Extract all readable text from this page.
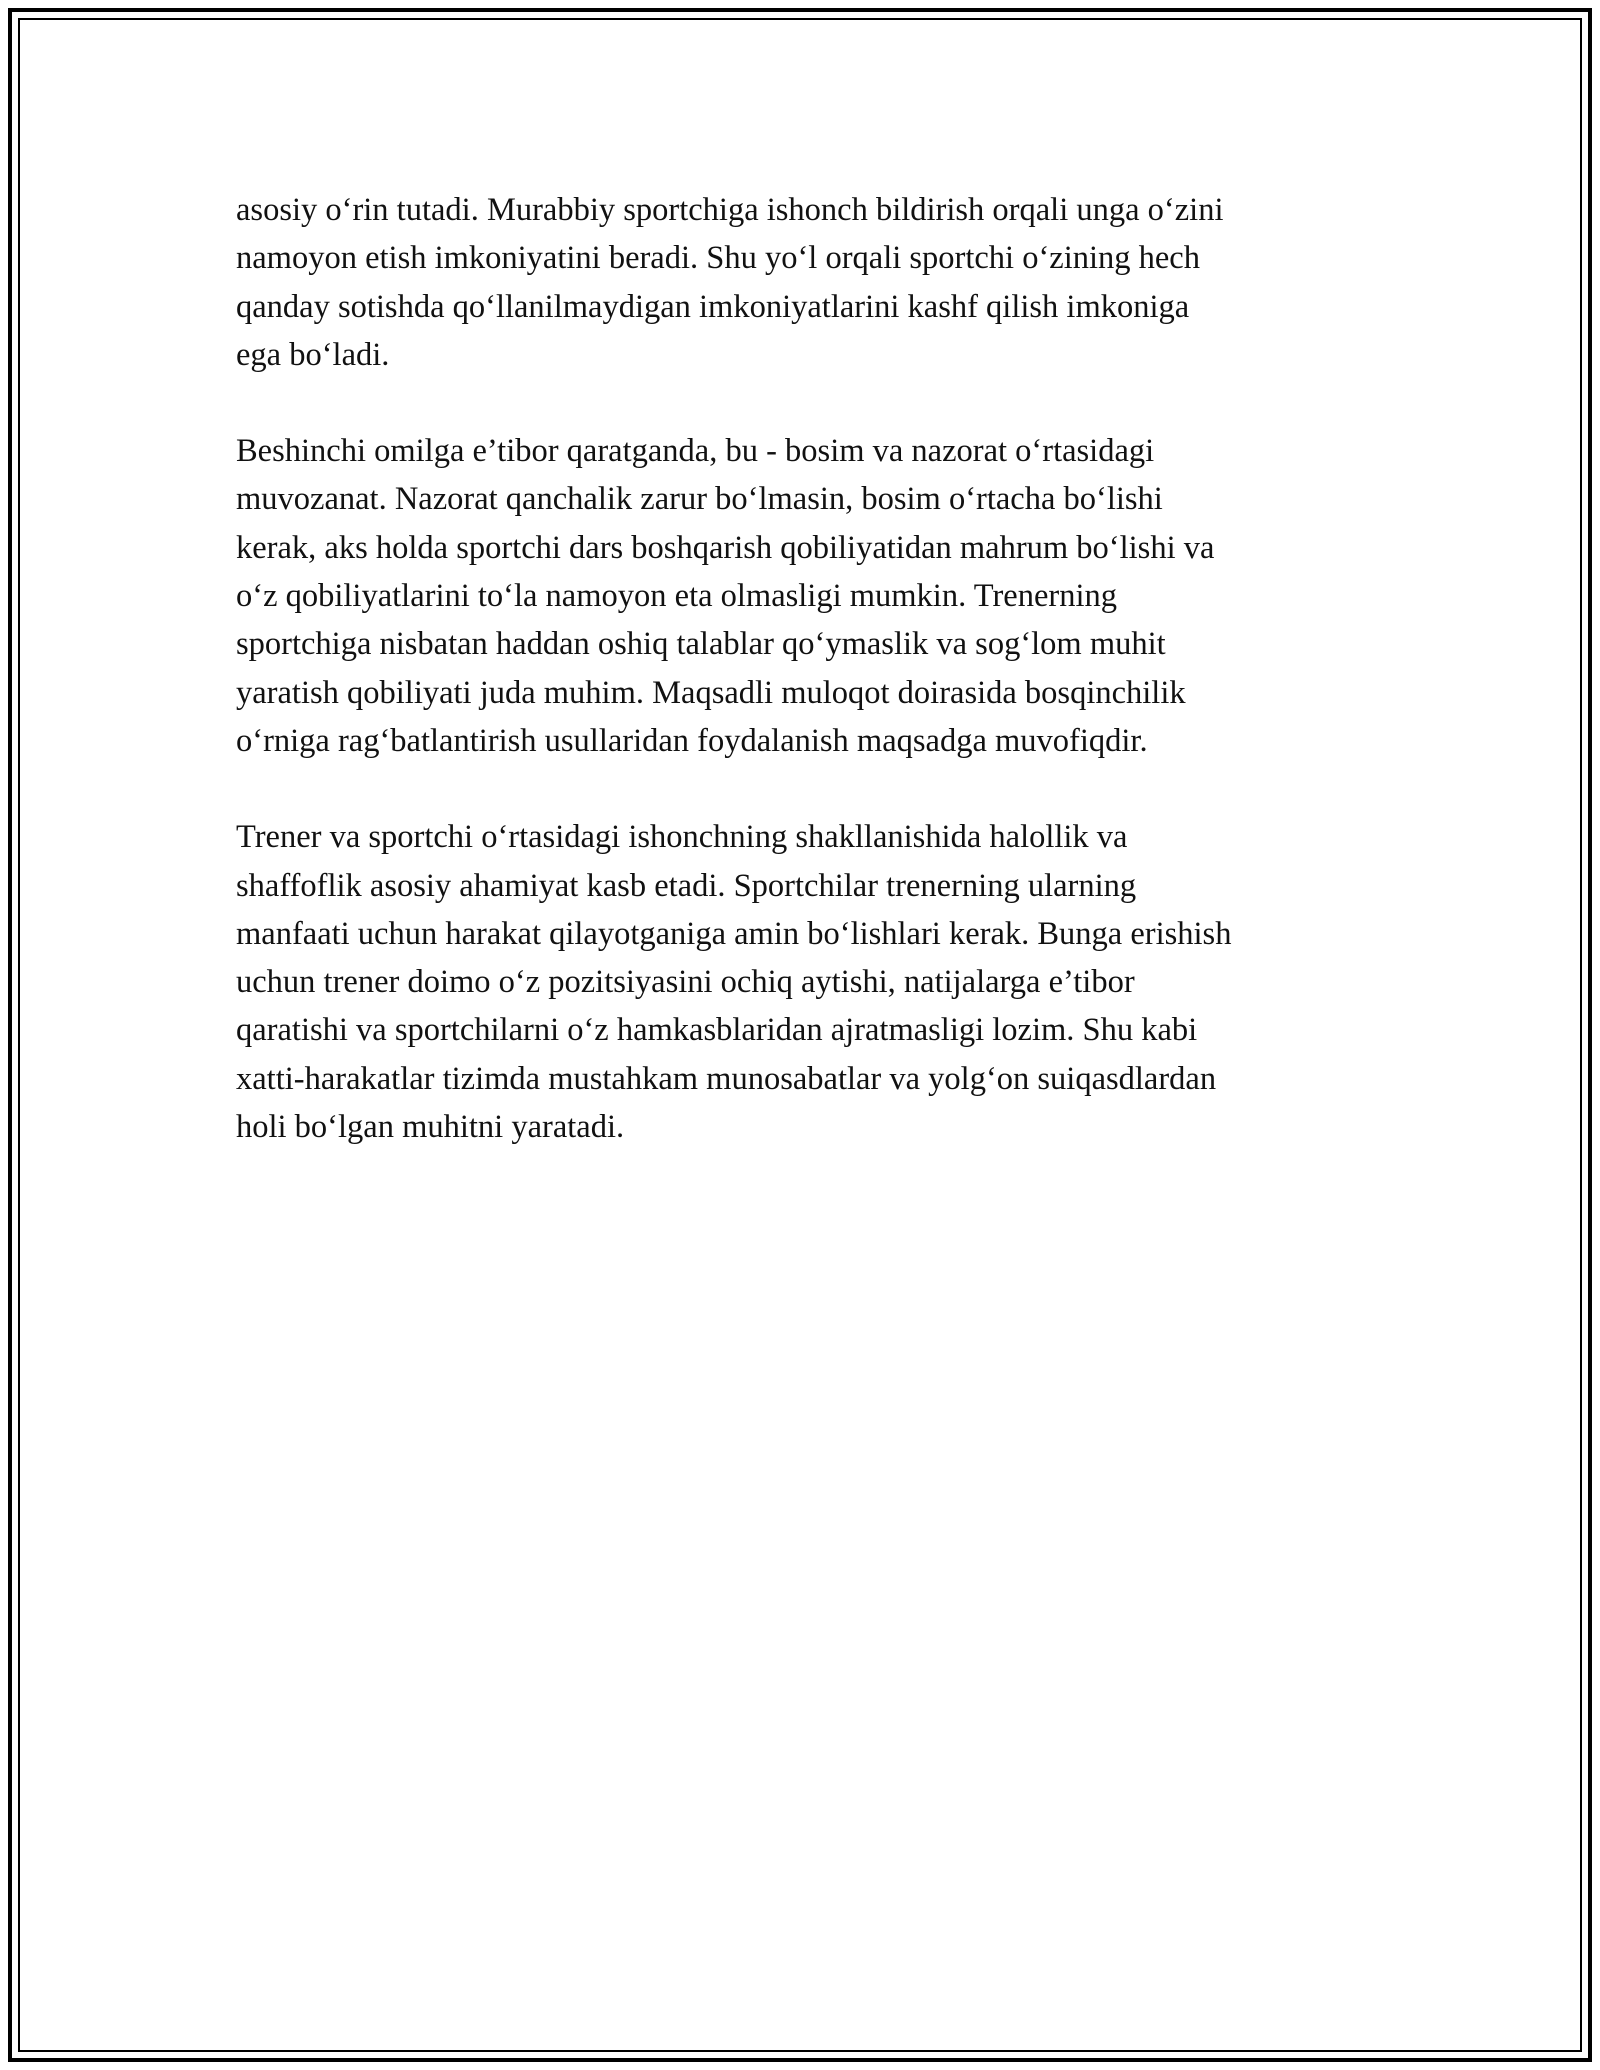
asosiy o‘rin tutadi. Murabbiy sportchiga ishonch bildirish orqali unga o‘zini
namoyon etish imkoniyatini beradi. Shu yo‘l orqali sportchi o‘zining hech
qanday sotishda qo‘llanilmaydigan imkoniyatlarini kashf qilish imkoniga
ega bo‘ladi.

Beshinchi omilga e’tibor qaratganda, bu - bosim va nazorat o‘rtasidagi
muvozanat. Nazorat qanchalik zarur bo‘lmasin, bosim o‘rtacha bo‘lishi
kerak, aks holda sportchi dars boshqarish qobiliyatidan mahrum bo‘lishi va
o‘z qobiliyatlarini to‘la namoyon eta olmasligi mumkin. Trenerning
sportchiga nisbatan haddan oshiq talablar qo‘ymaslik va sog‘lom muhit
yaratish qobiliyati juda muhim. Maqsadli muloqot doirasida bosqinchilik
o‘rniga rag‘batlantirish usullaridan foydalanish maqsadga muvofiqdir.

Trener va sportchi o‘rtasidagi ishonchning shakllanishida halollik va
shaffoflik asosiy ahamiyat kasb etadi. Sportchilar trenerning ularning
manfaati uchun harakat qilayotganiga amin bo‘lishlari kerak. Bunga erishish
uchun trener doimo o‘z pozitsiyasini ochiq aytishi, natijalarga e’tibor
qaratishi va sportchilarni o‘z hamkasblaridan ajratmasligi lozim. Shu kabi
xatti-harakatlar tizimda mustahkam munosabatlar va yolg‘on suiqasdlardan
holi bo‘lgan muhitni yaratadi.
